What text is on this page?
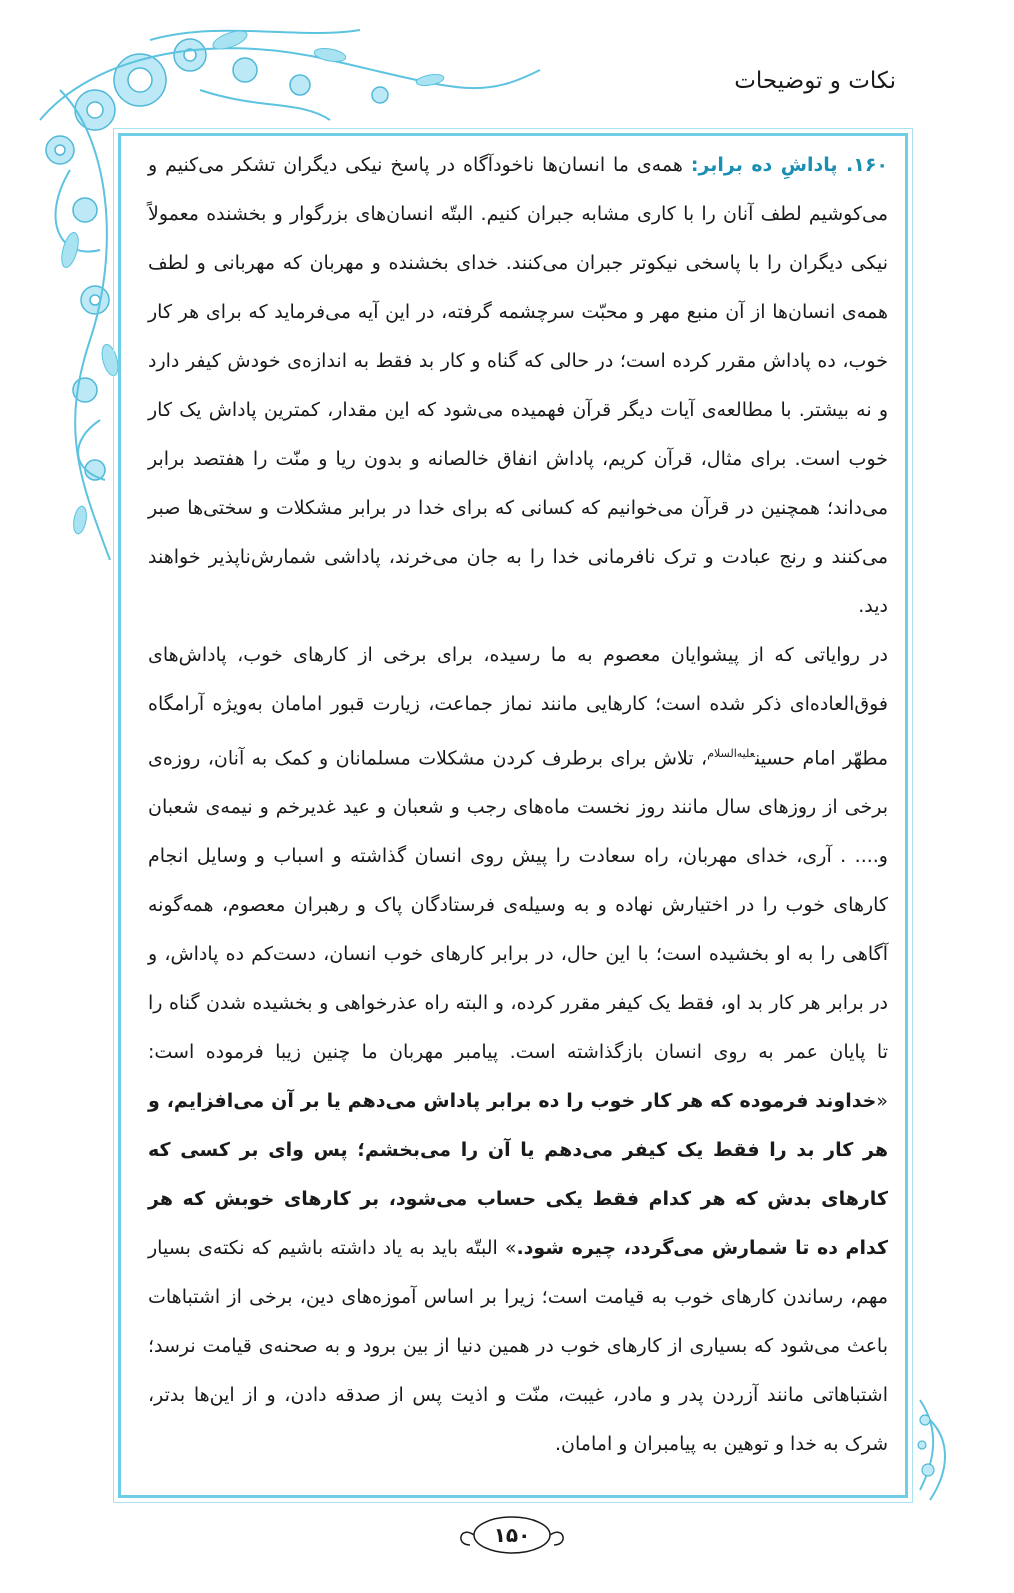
نکات و توضیحات

۱۶۰. پاداشِ ده برابر: همه‌ی ما انسان‌ها ناخودآگاه در پاسخ نیکی دیگران تشکر می‌کنیم و می‌کوشیم لطف آنان را با کاری مشابه جبران کنیم. البتّه انسان‌های بزرگوار و بخشنده معمولاً نیکی دیگران را با پاسخی نیکوتر جبران می‌کنند. خدای بخشنده و مهربان که مهربانی و لطف همه‌ی انسان‌ها از آن منبع مهر و محبّت سرچشمه گرفته، در این آیه می‌فرماید که برای هر کار خوب، ده پاداش مقرر کرده است؛ در حالی که گناه و کار بد فقط به اندازه‌ی خودش کیفر دارد و نه بیشتر. با مطالعه‌ی آیات دیگر قرآن فهمیده می‌شود که این مقدار، کمترین پاداش یک کار خوب است. برای مثال، قرآن کریم، پاداش انفاق خالصانه و بدون ریا و منّت را هفتصد برابر می‌داند؛ همچنین در قرآن می‌خوانیم که کسانی که برای خدا در برابر مشکلات و سختی‌ها صبر می‌کنند و رنج عبادت و ترک نافرمانی خدا را به جان می‌خرند، پاداشی شمارش‌ناپذیر خواهند دید.

در روایاتی که از پیشوایان معصوم به ما رسیده، برای برخی از کارهای خوب، پاداش‌های فوق‌العاده‌ای ذکر شده است؛ کارهایی مانند نماز جماعت، زیارت قبور امامان به‌ویژه آرامگاه مطهّر امام حسین$^{عليه‌السلام}$، تلاش برای برطرف کردن مشکلات مسلمانان و کمک به آنان، روزه‌ی برخی از روزهای سال مانند روز نخست ماه‌های رجب و شعبان و عید غدیرخم و نیمه‌ی شعبان و.... . آری، خدای مهربان، راه سعادت را پیش روی انسان گذاشته و اسباب و وسایل انجام کارهای خوب را در اختیارش نهاده و به وسیله‌ی فرستادگان پاک و رهبران معصوم، همه‌گونه آگاهی را به او بخشیده است؛ با این حال، در برابر کارهای خوب انسان، دست‌کم ده پاداش، و در برابر هر کار بد او، فقط یک کیفر مقرر کرده، و البته راه عذرخواهی و بخشیده شدن گناه را تا پایان عمر به روی انسان بازگذاشته است. پیامبر مهربان ما چنین زیبا فرموده است: «خداوند فرموده که هر کار خوب را ده برابر پاداش می‌دهم یا بر آن می‌افزایم، و هر کار بد را فقط یک کیفر می‌دهم یا آن را می‌بخشم؛ پس وای بر کسی که کارهای بدش که هر کدام فقط یکی حساب می‌شود، بر کارهای خوبش که هر کدام ده تا شمارش می‌گردد، چیره شود.» البتّه باید به یاد داشته باشیم که نکته‌ی بسیار مهم، رساندن کارهای خوب به قیامت است؛ زیرا بر اساس آموزه‌های دین، برخی از اشتباهات باعث می‌شود که بسیاری از کارهای خوب در همین دنیا از بین برود و به صحنه‌ی قیامت نرسد؛ اشتباهاتی مانند آزردن پدر و مادر، غیبت، منّت و اذیت پس از صدقه دادن، و از این‌ها بدتر، شرک به خدا و توهین به پیامبران و امامان.

۱۵۰
